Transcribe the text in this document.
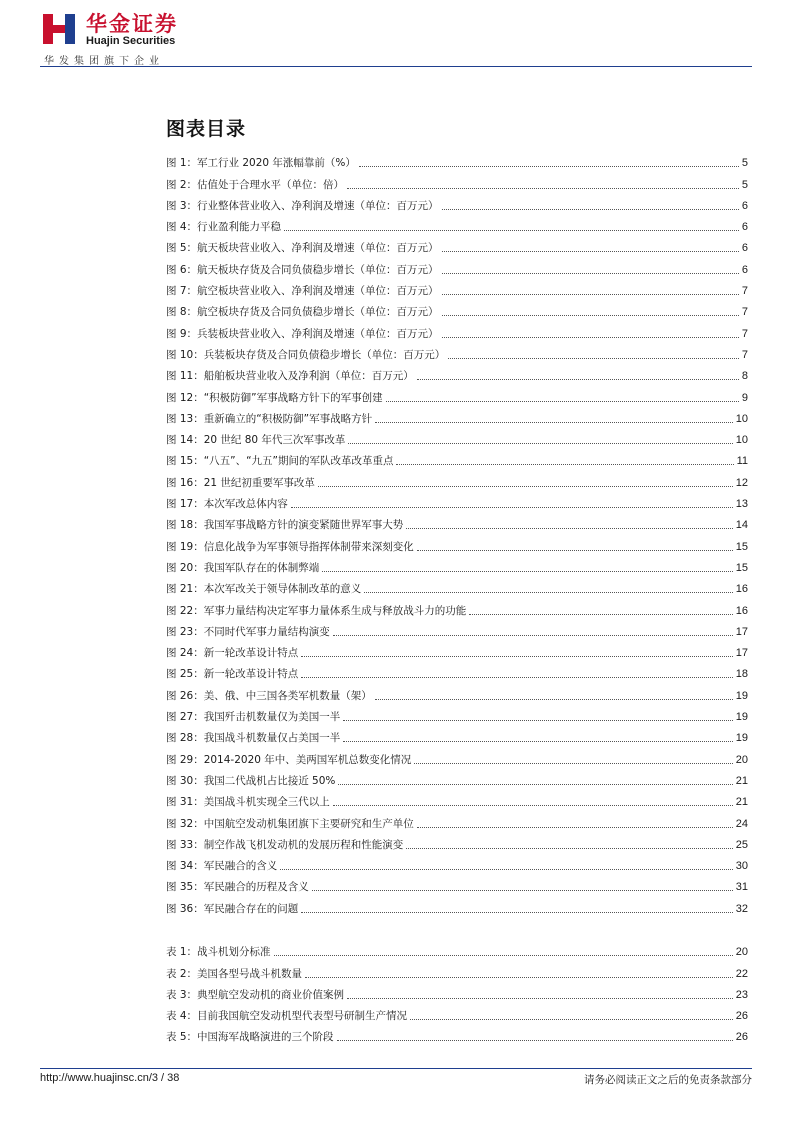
华金证券
Huajin Securities
华发集团旗下企业
图表目录
图 1：军工行业 2020 年涨幅靠前（%）	5
图 2：估值处于合理水平（单位：倍）	5
图 3：行业整体营业收入、净利润及增速（单位：百万元）	6
图 4：行业盈利能力平稳	6
图 5：航天板块营业收入、净利润及增速（单位：百万元）	6
图 6：航天板块存货及合同负债稳步增长（单位：百万元）	6
图 7：航空板块营业收入、净利润及增速（单位：百万元）	7
图 8：航空板块存货及合同负债稳步增长（单位：百万元）	7
图 9：兵装板块营业收入、净利润及增速（单位：百万元）	7
图 10：兵装板块存货及合同负债稳步增长（单位：百万元）	7
图 11：船舶板块营业收入及净利润（单位：百万元）	8
图 12：“积极防御”军事战略方针下的军事创建	9
图 13：重新确立的“积极防御”军事战略方针	10
图 14：20 世纪 80 年代三次军事改革	10
图 15：“八五”、“九五”期间的军队改革改革重点	11
图 16：21 世纪初重要军事改革	12
图 17：本次军改总体内容	13
图 18：我国军事战略方针的演变紧随世界军事大势	14
图 19：信息化战争为军事领导指挥体制带来深刻变化	15
图 20：我国军队存在的体制弊端	15
图 21：本次军改关于领导体制改革的意义	16
图 22：军事力量结构决定军事力量体系生成与释放战斗力的功能	16
图 23：不同时代军事力量结构演变	17
图 24：新一轮改革设计特点	17
图 25：新一轮改革设计特点	18
图 26：美、俄、中三国各类军机数量（架）	19
图 27：我国歼击机数量仅为美国一半	19
图 28：我国战斗机数量仅占美国一半	19
图 29：2014-2020 年中、美两国军机总数变化情况	20
图 30：我国二代战机占比接近 50%	21
图 31：美国战斗机实现全三代以上	21
图 32：中国航空发动机集团旗下主要研究和生产单位	24
图 33：制空作战飞机发动机的发展历程和性能演变	25
图 34：军民融合的含义	30
图 35：军民融合的历程及含义	31
图 36：军民融合存在的问题	32
表 1：战斗机划分标准	20
表 2：美国各型号战斗机数量	22
表 3：典型航空发动机的商业价值案例	23
表 4：目前我国航空发动机型代表型号研制生产情况	26
表 5：中国海军战略演进的三个阶段	26
http://www.huajinsc.cn/3 / 38	请务必阅读正文之后的免责条款部分
